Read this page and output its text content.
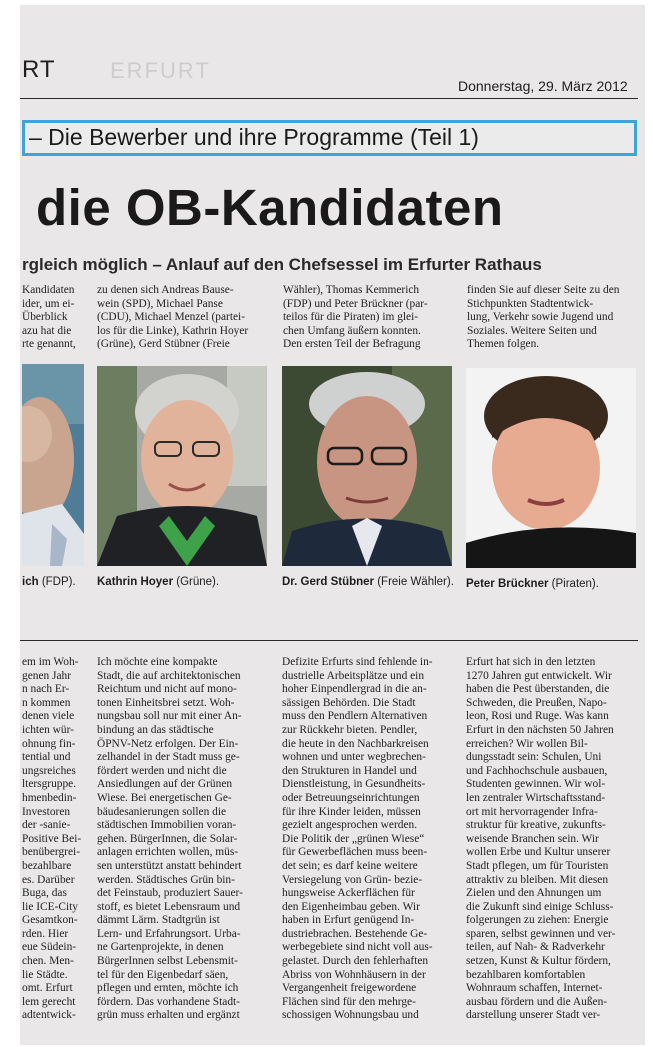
RT ERFURT
Donnerstag, 29. März 2012
– Die Bewerber und ihre Programme (Teil 1)
die OB-Kandidaten
rgleich möglich – Anlauf auf den Chefsessel im Erfurter Rathaus

Kandidaten
ider, um ei-
Überblick
azu hat die
rte genannt,

zu denen sich Andreas Bause-
wein (SPD), Michael Panse
(CDU), Michael Menzel (partei-
los für die Linke), Kathrin Hoyer
(Grüne), Gerd Stübner (Freie

Wähler), Thomas Kemmerich
(FDP) und Peter Brückner (par-
teilos für die Piraten) im glei-
chen Umfang äußern konnten.
Den ersten Teil der Befragung

finden Sie auf dieser Seite zu den
Stichpunkten Stadtentwick-
lung, Verkehr sowie Jugend und
Soziales. Weitere Seiten und
Themen folgen.

ich (FDP). Kathrin Hoyer (Grüne).	Dr. Gerd Stübner (Freie Wähler). Peter Brückner (Piraten).

em im Woh-
genen Jahr
n nach Er-
n kommen
denen viele
ichten wür-
ohnung fin-
tential und
ungsreiches
ltersgruppe.
hmenbedin-
Investoren
der -sanie-
Positive Bei-
benübergrei-
bezahlbare
es. Darüber
Buga, das
lie ICE-City
Gesamtkon-
rden. Hier
eue Südein-
chen. Men-
lie Städte.
omt. Erfurt
lem gerecht
adtentwick-

Ich möchte eine kompakte
Stadt, die auf architektonischen
Reichtum und nicht auf mono-
tonen Einheitsbrei setzt. Woh-
nungsbau soll nur mit einer An-
bindung an das städtische
ÖPNV-Netz erfolgen. Der Ein-
zelhandel in der Stadt muss ge-
fördert werden und nicht die
Ansiedlungen auf der Grünen
Wiese. Bei energetischen Ge-
bäudesanierungen sollen die
städtischen Immobilien voran-
gehen. BürgerInnen, die Solar-
anlagen errichten wollen, müs-
sen unterstützt anstatt behindert
werden. Städtisches Grün bin-
det Feinstaub, produziert Sauer-
stoff, es bietet Lebensraum und
dämmt Lärm. Stadtgrün ist
Lern- und Erfahrungsort. Urba-
ne Gartenprojekte, in denen
BürgerInnen selbst Lebensmit-
tel für den Eigenbedarf säen,
pflegen und ernten, möchte ich
fördern. Das vorhandene Stadt-
grün muss erhalten und ergänzt

Defizite Erfurts sind fehlende in-
dustrielle Arbeitsplätze und ein
hoher Einpendlergrad in die an-
sässigen Behörden. Die Stadt
muss den Pendlern Alternativen
zur Rückkehr bieten. Pendler,
die heute in den Nachbarkreisen
wohnen und unter wegbrechen-
den Strukturen in Handel und
Dienstleistung, in Gesundheits-
oder Betreuungseinrichtungen
für ihre Kinder leiden, müssen
gezielt angesprochen werden.
Die Politik der „grünen Wiese“
für Gewerbeflächen muss been-
det sein; es darf keine weitere
Versiegelung von Grün- bezie-
hungsweise Ackerflächen für
den Eigenheimbau geben. Wir
haben in Erfurt genügend In-
dustriebrachen. Bestehende Ge-
werbegebiete sind nicht voll aus-
gelastet. Durch den fehlerhaften
Abriss von Wohnhäusern in der
Vergangenheit freigewordene
Flächen sind für den mehrge-
schossigen Wohnungsbau und

Erfurt hat sich in den letzten
1270 Jahren gut entwickelt. Wir
haben die Pest überstanden, die
Schweden, die Preußen, Napo-
leon, Rosi und Ruge. Was kann
Erfurt in den nächsten 50 Jahren
erreichen? Wir wollen Bil-
dungsstadt sein: Schulen, Uni
und Fachhochschule ausbauen,
Studenten gewinnen. Wir wol-
len zentraler Wirtschaftsstand-
ort mit hervorragender Infra-
struktur für kreative, zukunfts-
weisende Branchen sein. Wir
wollen Erbe und Kultur unserer
Stadt pflegen, um für Touristen
attraktiv zu bleiben. Mit diesen
Zielen und den Ahnungen um
die Zukunft sind einige Schluss-
folgerungen zu ziehen: Energie
sparen, selbst gewinnen und ver-
teilen, auf Nah- & Radverkehr
setzen, Kunst & Kultur fördern,
bezahlbaren komfortablen
Wohnraum schaffen, Internet-
ausbau fördern und die Außen-
darstellung unserer Stadt ver-
